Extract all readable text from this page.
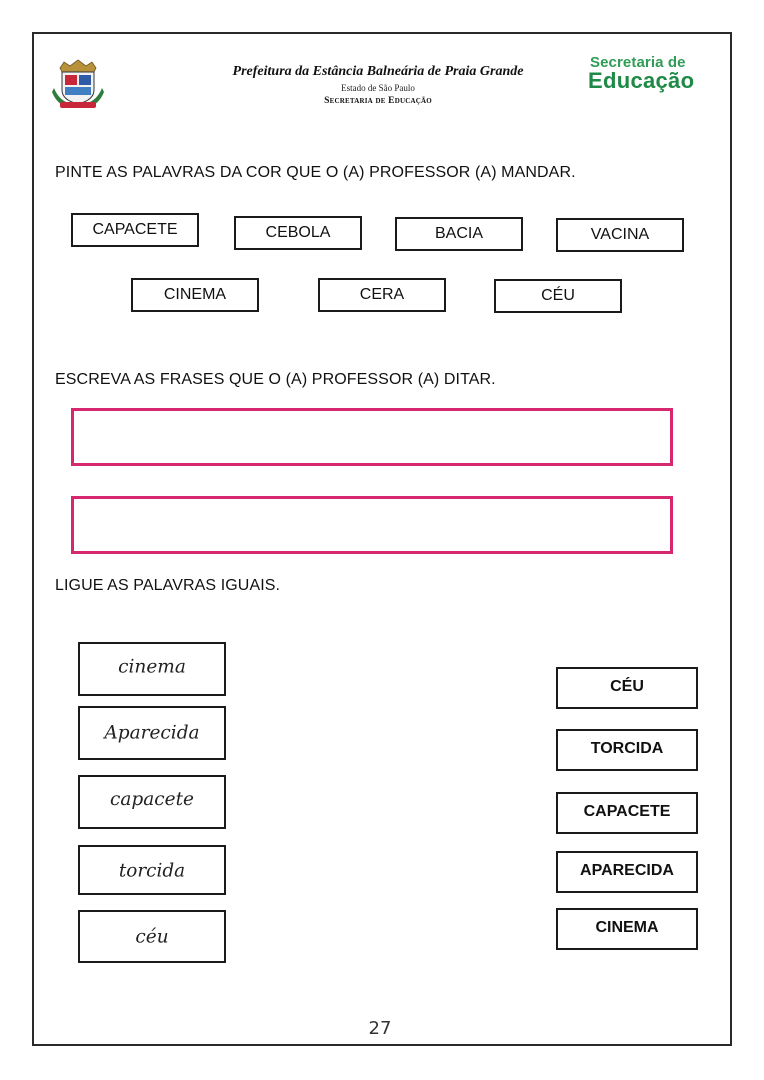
Prefeitura da Estância Balneária de Praia Grande
Estado de São Paulo
Secretaria de Educação
Secretaria de
Educação
PINTE AS PALAVRAS DA COR QUE O (A) PROFESSOR (A) MANDAR.
CAPACETE	CEBOLA	BACIA	VACINA
CINEMA	CERA	CÉU
ESCREVA AS FRASES QUE O (A) PROFESSOR (A) DITAR.
LIGUE AS PALAVRAS IGUAIS.
cinema
Aparecida
capacete
torcida
céu
CÉU
TORCIDA
CAPACETE
APARECIDA
CINEMA
27
